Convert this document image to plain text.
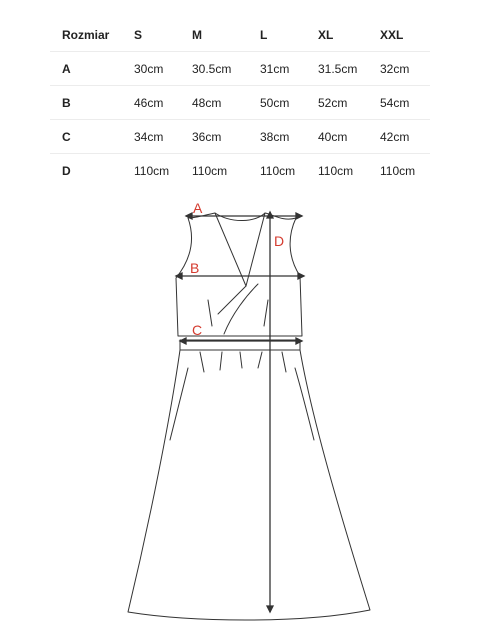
Rozmiar	S	M	L	XL	XXL
A	30cm	30.5cm	31cm	31.5cm	32cm
B	46cm	48cm	50cm	52cm	54cm
C	34cm	36cm	38cm	40cm	42cm
D	110cm	110cm	110cm	110cm	110cm
A
B
C
D
